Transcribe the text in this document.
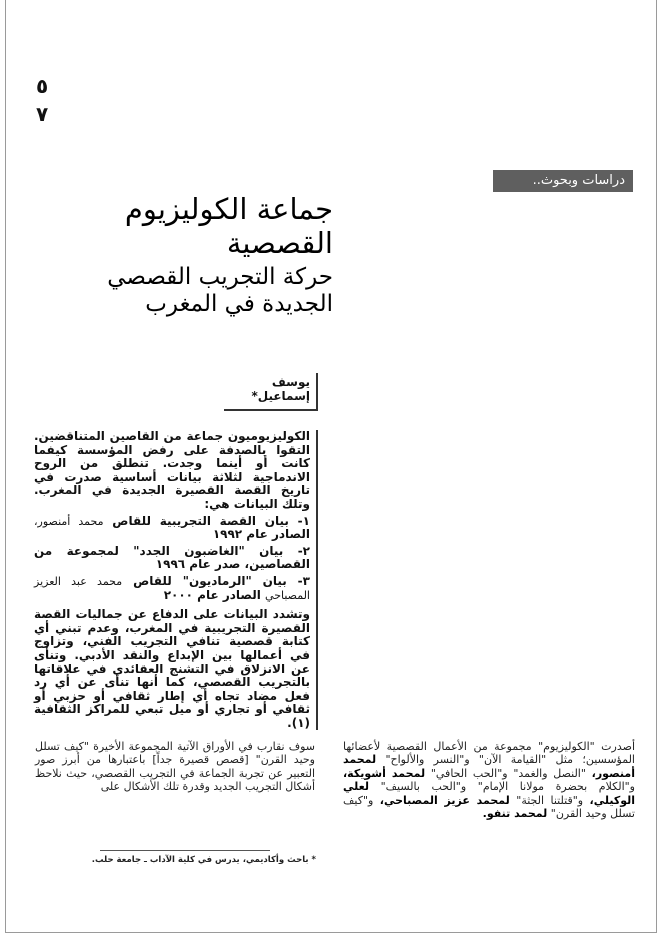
٥
٧
دراسات وبحوث..
جماعة الكوليزيوم القصصية
حركة التجريب القصصي الجديدة في المغرب
يوسف إسماعيل*

الكوليزيوميون جماعة من القاصين المتناقضين. التقوا بالصدفة على رفض المؤسسة كيفما كانت أو أينما وجدت. تنطلق من الروح الاندماجية لثلاثة بيانات أساسية صدرت في تاريخ القصة القصيرة الجديدة في المغرب. وتلك البيانات هي:

١- بيان القصة التجريبية للقاص محمد أمنصور، الصادر عام ١٩٩٢

٢- بيان "الغاضبون الجدد" لمجموعة من القصاصين، صدر عام ١٩٩٦

٣- بيان "الرماديون" للقاص محمد عبد العزيز المصباحي الصادر عام ٢٠٠٠

وتشدد البيانات على الدفاع عن جماليات القصة القصيرة التجريبية في المغرب، وعدم تبني أي كتابة قصصية تنافي التجريب الفني، وتزاوج في أعمالها بين الإبداع والنقد الأدبي. وتنأى عن الانزلاق في التشنج العقائدي في علاقاتها بالتجريب القصصي، كما أنها تنأى عن أي رد فعل مضاد تجاه أي إطار ثقافي أو حزبي أو ثقافي أو تجاري أو ميل تبعي للمراكز الثقافية (١).

أصدرت "الكوليزيوم" مجموعة من الأعمال القصصية لأعضائها المؤسسين؛ مثل "القيامة الآن" و"النسر والألواح" لمحمد أمنصور، "النصل والغمد" و"الحب الحافي" لمحمد أشويكة، و"الكلام بحضرة مولانا الإمام" و"الحب بالسيف" لعلي الوكيلي، و"قتلتنا الجثة" لمحمد عزيز المصباحي، و"كيف تسلل وحيد القرن" لمحمد تنفو.

سوف نقارب في الأوراق الآتية المجموعة الأخيرة "كيف تسلل وحيد القرن" [قصص قصيرة جداً] باعتبارها من أبرز صور التعبير عن تجربة الجماعة في التجريب القصصي، حيث نلاحظ أشكال التجريب الجديد وقدرة تلك الأشكال على

* باحث وأكاديمي، يدرس في كلية الآداب ـ جامعة حلب.
